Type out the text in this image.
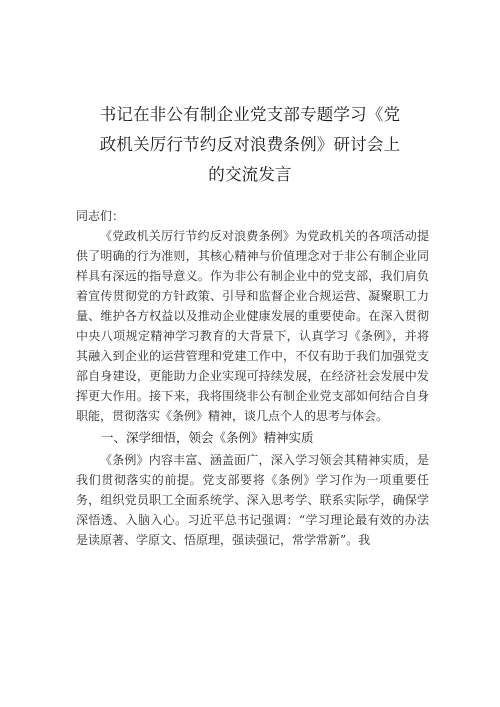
书记在非公有制企业党支部专题学习《党
政机关厉行节约反对浪费条例》研讨会上
的交流发言

同志们：

《党政机关厉行节约反对浪费条例》为党政机关的各项活动提供了明确的行为准则，其核心精神与价值理念对于非公有制企业同样具有深远的指导意义。作为非公有制企业中的党支部，我们肩负着宣传贯彻党的方针政策、引导和监督企业合规运营、凝聚职工力量、维护各方权益以及推动企业健康发展的重要使命。在深入贯彻中央八项规定精神学习教育的大背景下，认真学习《条例》，并将其融入到企业的运营管理和党建工作中，不仅有助于我们加强党支部自身建设，更能助力企业实现可持续发展，在经济社会发展中发挥更大作用。接下来，我将围绕非公有制企业党支部如何结合自身职能，贯彻落实《条例》精神，谈几点个人的思考与体会。

一、深学细悟，领会《条例》精神实质

《条例》内容丰富、涵盖面广，深入学习领会其精神实质，是我们贯彻落实的前提。党支部要将《条例》学习作为一项重要任务，组织党员职工全面系统学、深入思考学、联系实际学，确保学深悟透、入脑入心。习近平总书记强调：“学习理论最有效的办法是读原著、学原文、悟原理，强读强记，常学常新”。我
